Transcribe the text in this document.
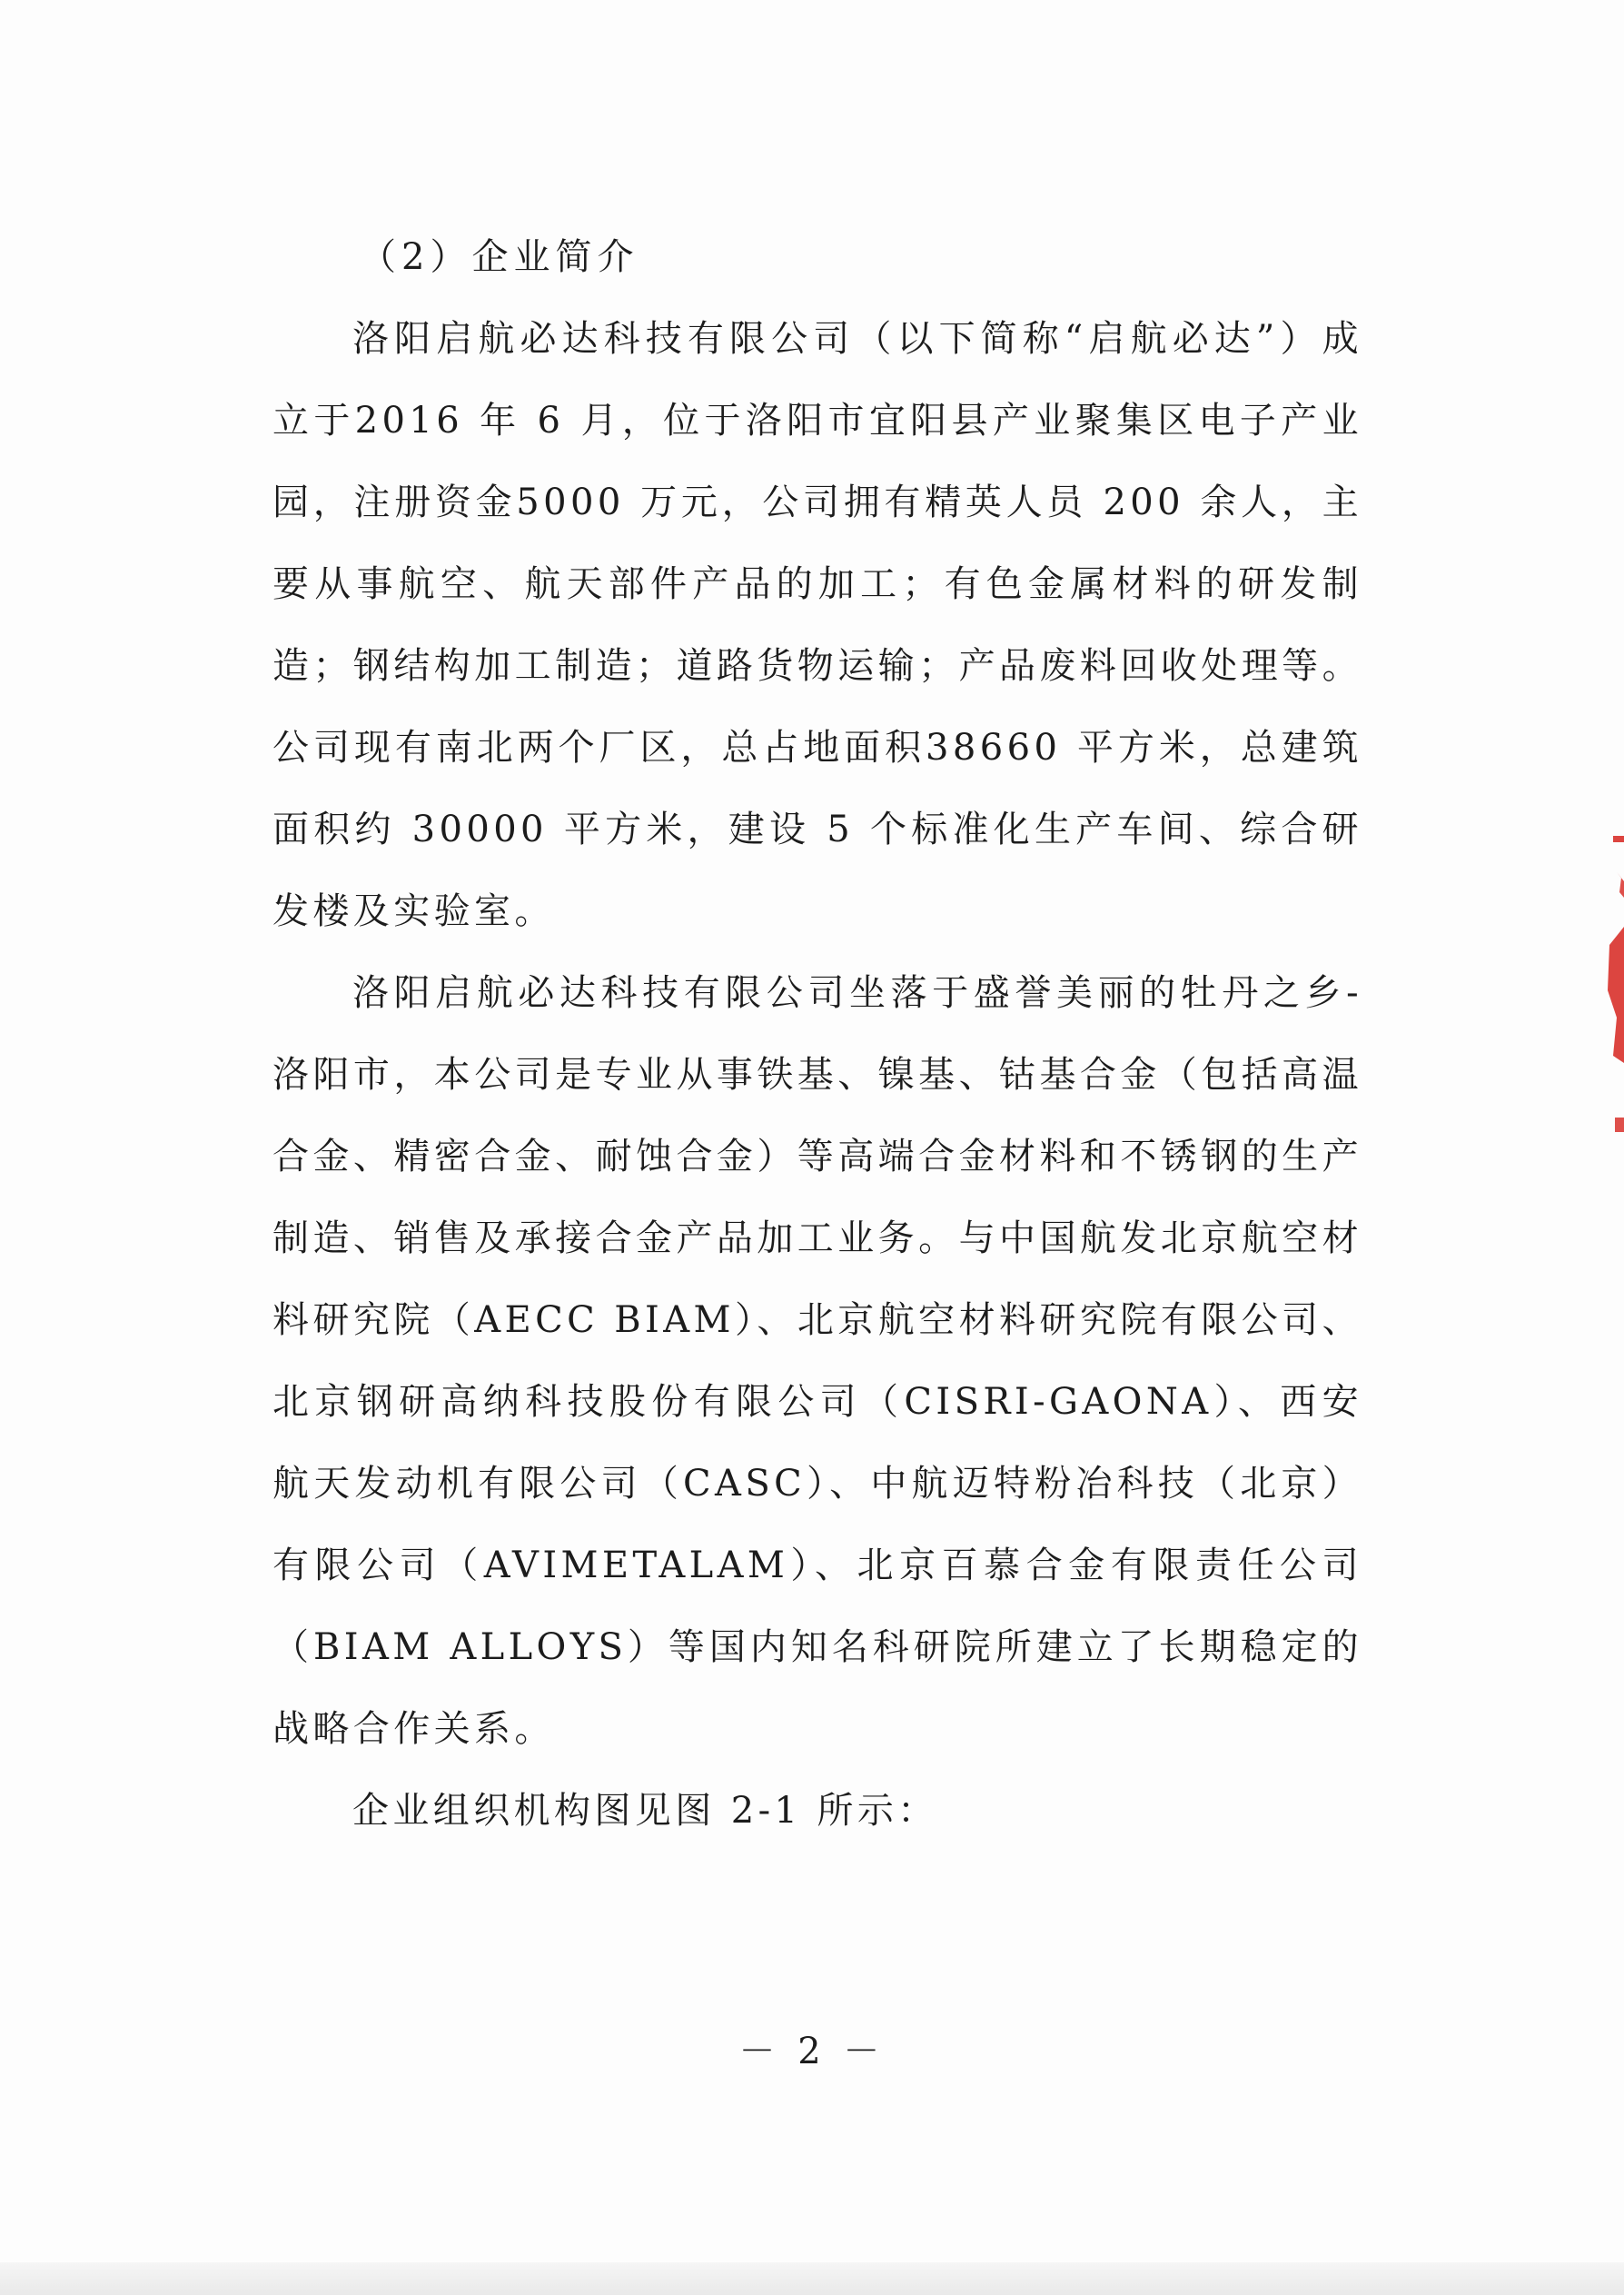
（2）企业简介

洛阳启航必达科技有限公司（以下简称“启航必达”）成立于2016 年 6 月，位于洛阳市宜阳县产业聚集区电子产业园，注册资金5000 万元，公司拥有精英人员 200 余人，主要从事航空、航天部件产品的加工；有色金属材料的研发制造；钢结构加工制造；道路货物运输；产品废料回收处理等。公司现有南北两个厂区，总占地面积38660 平方米，总建筑面积约 30000 平方米，建设 5 个标准化生产车间、综合研发楼及实验室。

洛阳启航必达科技有限公司坐落于盛誉美丽的牡丹之乡-洛阳市，本公司是专业从事铁基、镍基、钴基合金（包括高温合金、精密合金、耐蚀合金）等高端合金材料和不锈钢的生产制造、销售及承接合金产品加工业务。与中国航发北京航空材料研究院（AECC BIAM）、北京航空材料研究院有限公司、北京钢研高纳科技股份有限公司（CISRI-GAONA）、西安航天发动机有限公司（CASC）、中航迈特粉冶科技（北京）有限公司（AVIMETALAM）、北京百慕合金有限责任公司（BIAM ALLOYS）等国内知名科研院所建立了长期稳定的战略合作关系。

企业组织机构图见图 2-1 所示：

－ 2 －
